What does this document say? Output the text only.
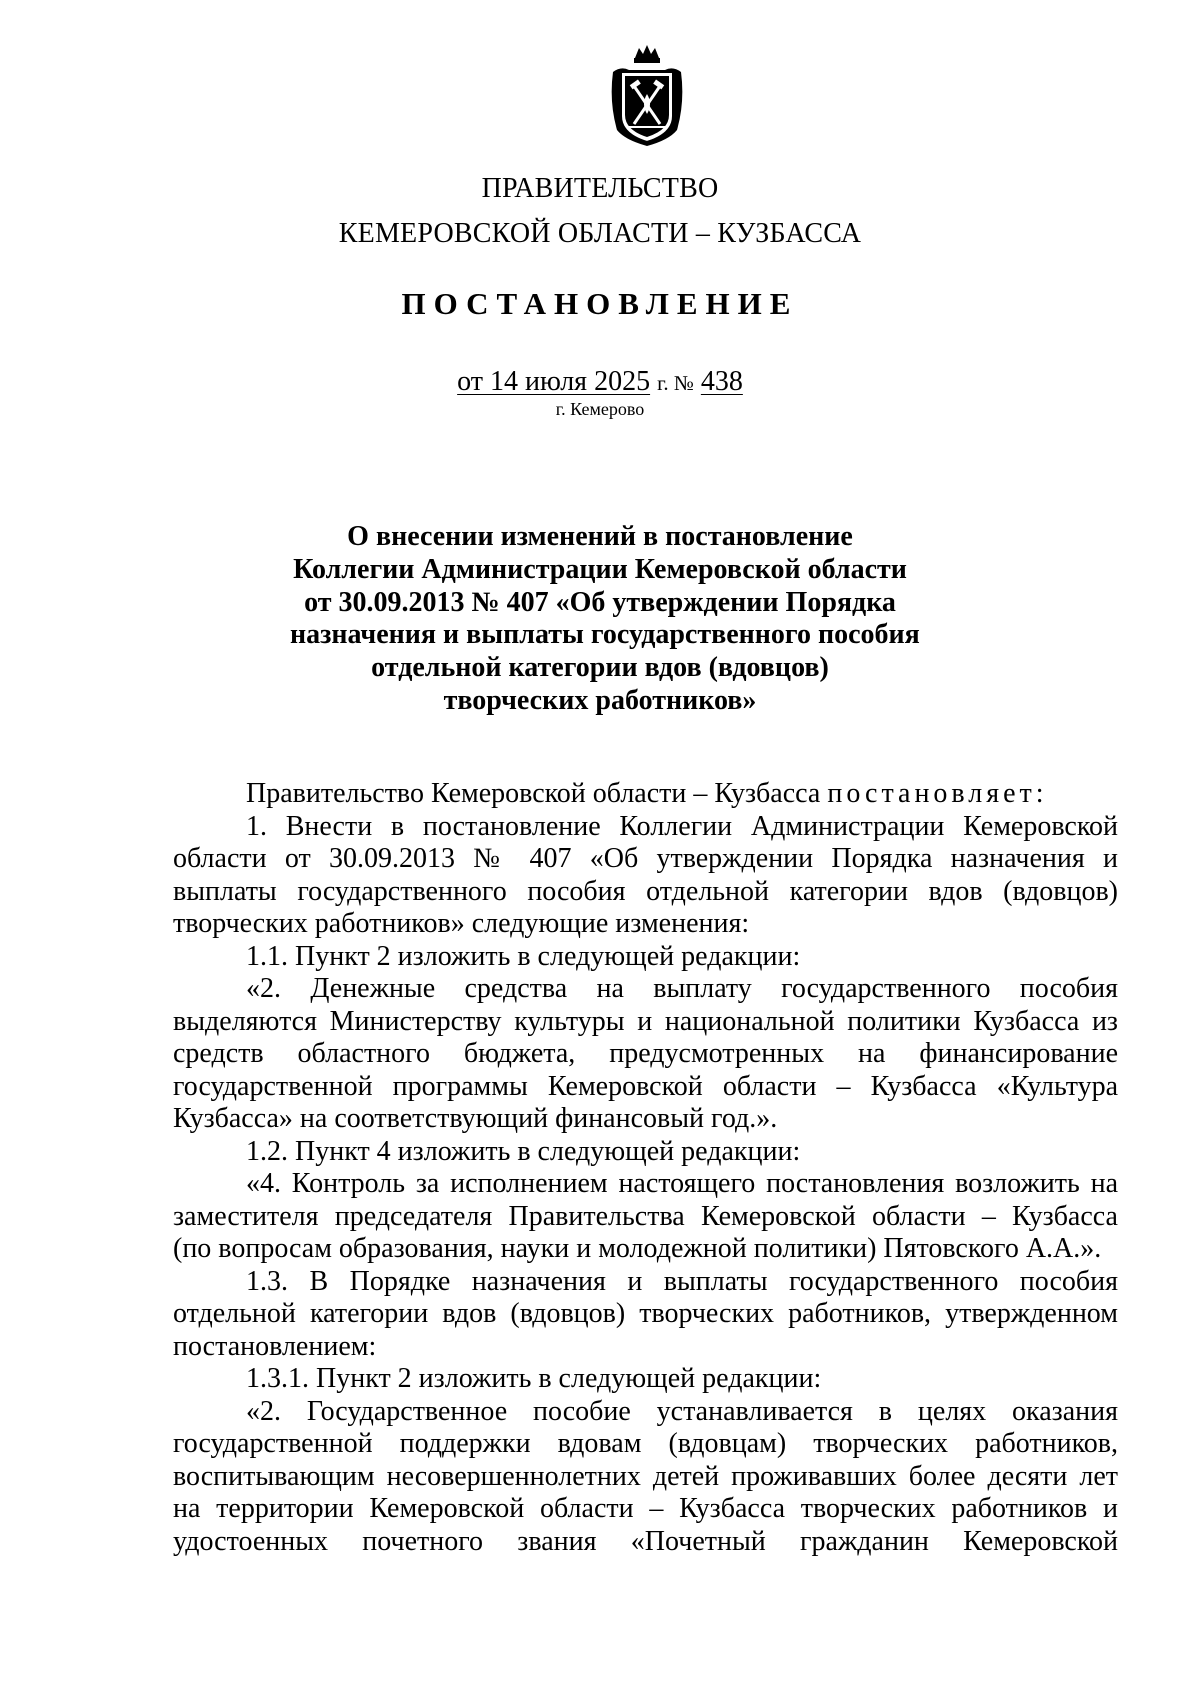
ПРАВИТЕЛЬСТВО
КЕМЕРОВСКОЙ ОБЛАСТИ – КУЗБАССА
ПОСТАНОВЛЕНИЕ
от 14 июля 2025 г. № 438
г. Кемерово
О внесении изменений в постановление
Коллегии Администрации Кемеровской области
от 30.09.2013 № 407 «Об утверждении Порядка
назначения и выплаты государственного пособия
отдельной категории вдов (вдовцов)
творческих работников»
Правительство Кемеровской области – Кузбасса постановляет:
1. Внести в постановление Коллегии Администрации Кемеровской
области от 30.09.2013 № 407 «Об утверждении Порядка назначения и
выплаты государственного пособия отдельной категории вдов (вдовцов)
творческих работников» следующие изменения:
1.1. Пункт 2 изложить в следующей редакции:
«2. Денежные средства на выплату государственного пособия
выделяются Министерству культуры и национальной политики Кузбасса из
средств областного бюджета, предусмотренных на финансирование
государственной программы Кемеровской области – Кузбасса «Культура
Кузбасса» на соответствующий финансовый год.».
1.2. Пункт 4 изложить в следующей редакции:
«4. Контроль за исполнением настоящего постановления возложить на
заместителя председателя Правительства Кемеровской области – Кузбасса
(по вопросам образования, науки и молодежной политики) Пятовского А.А.».
1.3. В Порядке назначения и выплаты государственного пособия
отдельной категории вдов (вдовцов) творческих работников, утвержденном
постановлением:
1.3.1. Пункт 2 изложить в следующей редакции:
«2. Государственное пособие устанавливается в целях оказания
государственной поддержки вдовам (вдовцам) творческих работников,
воспитывающим несовершеннолетних детей проживавших более десяти лет
на территории Кемеровской области – Кузбасса творческих работников и
удостоенных почетного звания «Почетный гражданин Кемеровской
